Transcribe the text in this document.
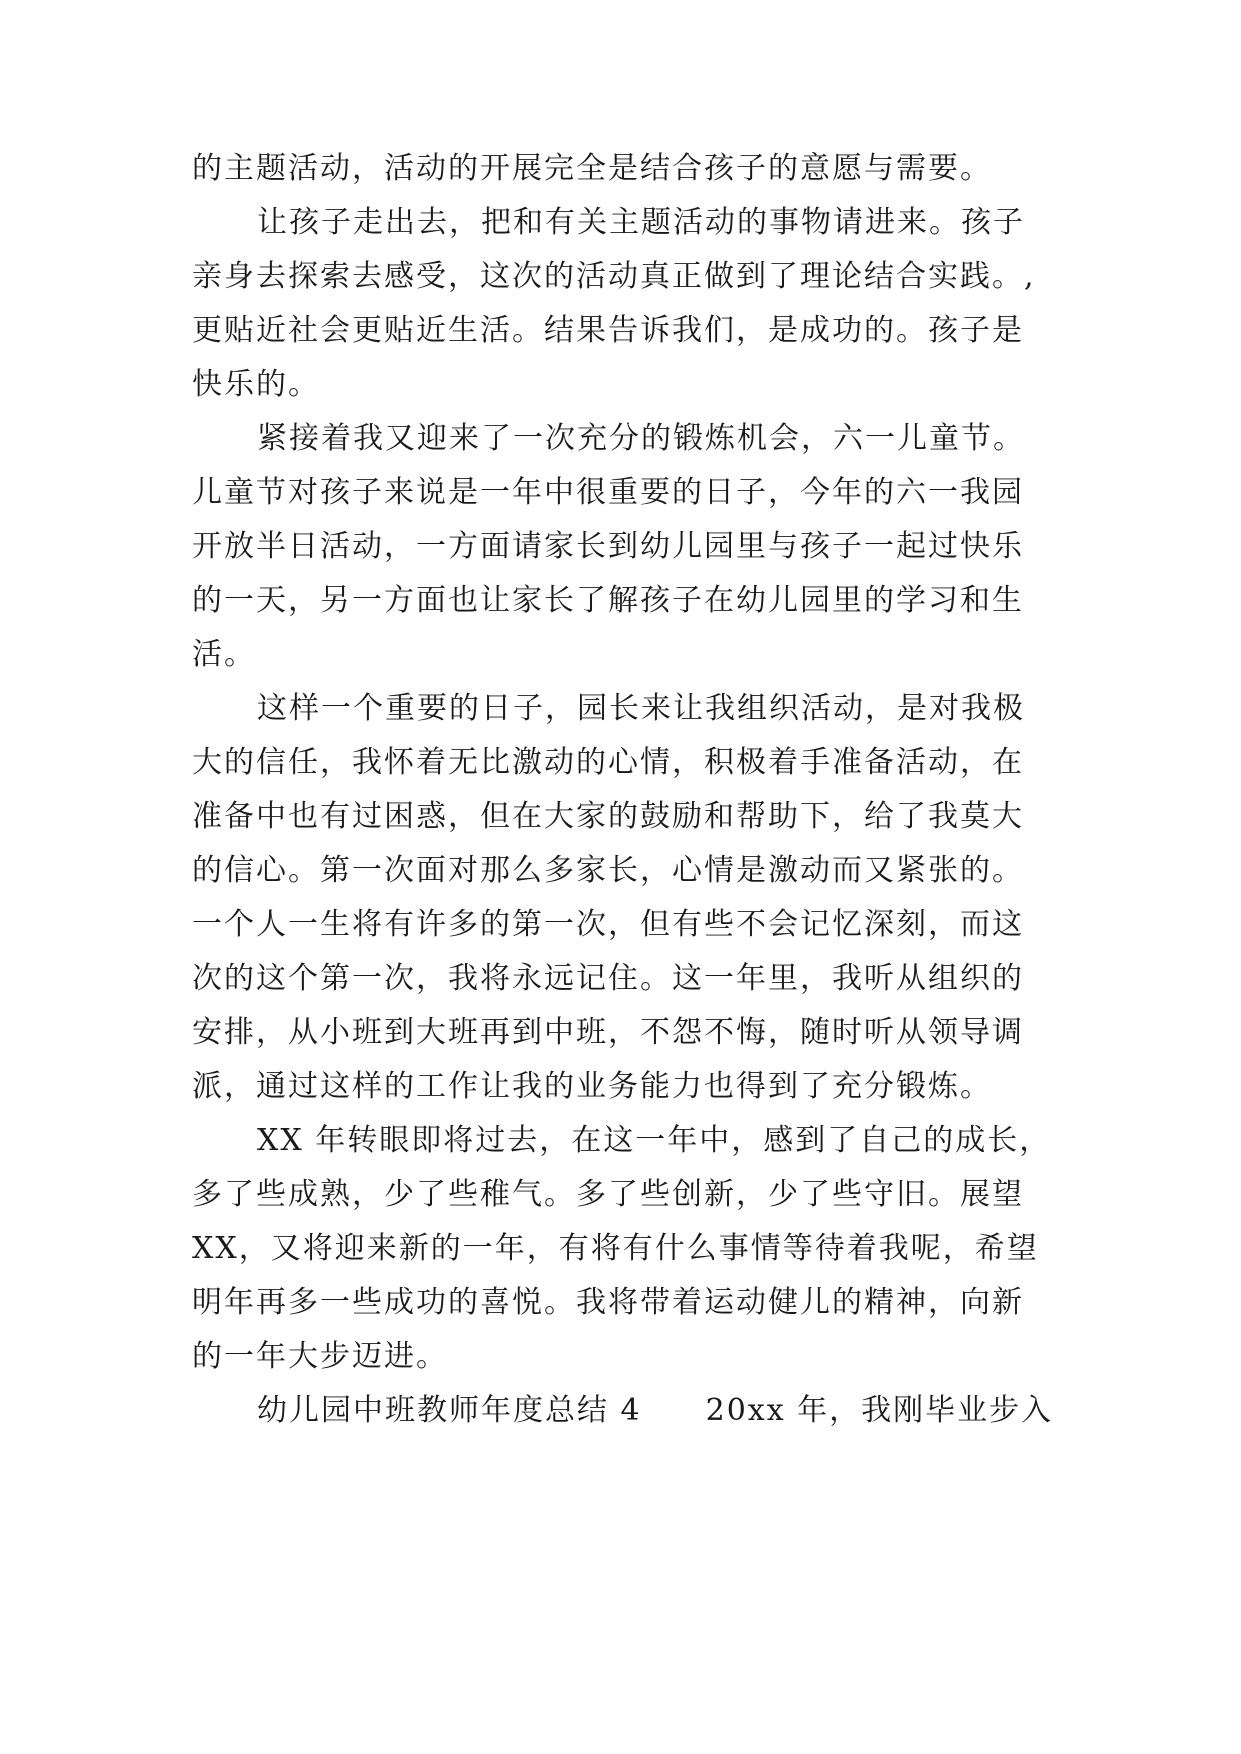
的主题活动，活动的开展完全是结合孩子的意愿与需要。
让孩子走出去，把和有关主题活动的事物请进来。孩子
亲身去探索去感受，这次的活动真正做到了理论结合实践。,
更贴近社会更贴近生活。结果告诉我们，是成功的。孩子是
快乐的。
紧接着我又迎来了一次充分的锻炼机会，六一儿童节。
儿童节对孩子来说是一年中很重要的日子，今年的六一我园
开放半日活动，一方面请家长到幼儿园里与孩子一起过快乐
的一天，另一方面也让家长了解孩子在幼儿园里的学习和生
活。
这样一个重要的日子，园长来让我组织活动，是对我极
大的信任，我怀着无比激动的心情，积极着手准备活动，在
准备中也有过困惑，但在大家的鼓励和帮助下，给了我莫大
的信心。第一次面对那么多家长，心情是激动而又紧张的。
一个人一生将有许多的第一次，但有些不会记忆深刻，而这
次的这个第一次，我将永远记住。这一年里，我听从组织的
安排，从小班到大班再到中班，不怨不悔，随时听从领导调
派，通过这样的工作让我的业务能力也得到了充分锻炼。
XX 年转眼即将过去，在这一年中，感到了自己的成长，
多了些成熟，少了些稚气。多了些创新，少了些守旧。展望
XX，又将迎来新的一年，有将有什么事情等待着我呢，希望
明年再多一些成功的喜悦。我将带着运动健儿的精神，向新
的一年大步迈进。
幼儿园中班教师年度总结 4　　20xx 年，我刚毕业步入
